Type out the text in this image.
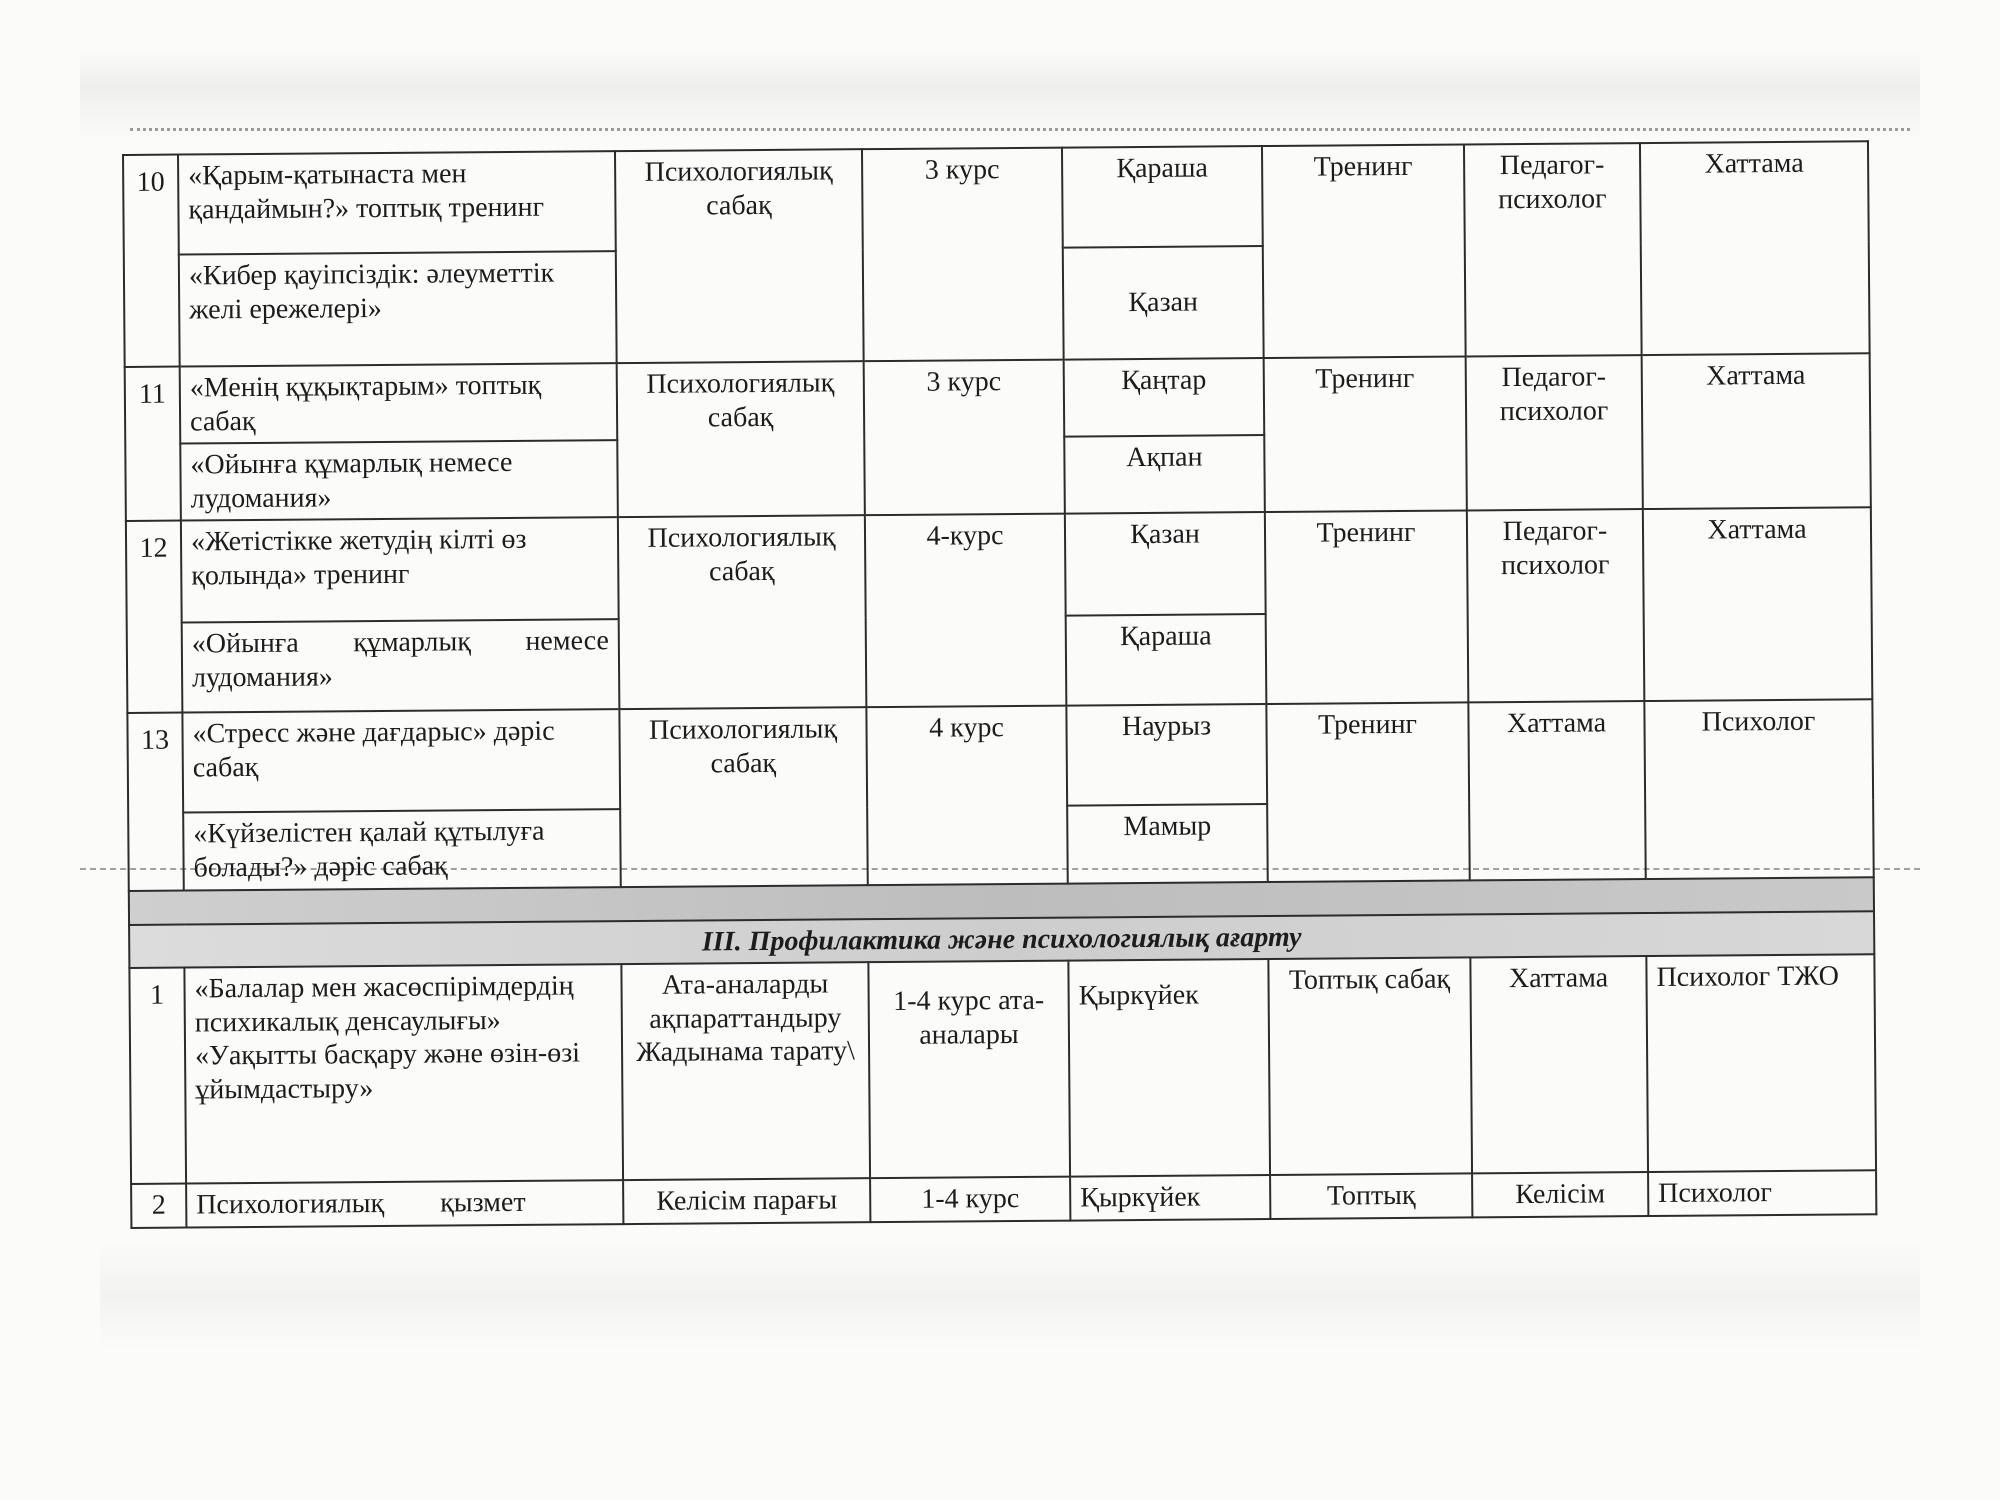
10	«Қарым-қатынаста мен қандаймын?» топтық тренинг	Психологиялық сабақ	3 курс	Қараша	Тренинг	Педагог-психолог	Хаттама
	«Кибер қауіпсіздік: әлеуметтік желі ережелері»			Қазан			
11	«Менің құқықтарым» топтық сабақ	Психологиялық сабақ	3 курс	Қаңтар	Тренинг	Педагог-психолог	Хаттама
	«Ойынға құмарлық немесе лудомания»			Ақпан			
12	«Жетістікке жетудің кілті өз қолында» тренинг	Психологиялық сабақ	4-курс	Қазан	Тренинг	Педагог-психолог	Хаттама
	«Ойынға құмарлық немесе лудомания»			Қараша			
13	«Стресс және дағдарыс» дәріс сабақ	Психологиялық сабақ	4 курс	Наурыз	Тренинг	Хаттама	Психолог
	«Күйзелістен қалай құтылуға болады?» дәріс сабақ			Мамыр			

III. Профилактика және психологиялық ағарту							
1	«Балалар мен жасөспірімдердің психикалық денсаулығы» «Уақытты басқару және өзін-өзі ұйымдастыру»	Ата-аналарды ақпараттандыру Жадынама тарату\	1-4 курс ата-аналары	Қыркүйек	Топтық сабақ	Хаттама	Психолог ТЖО
2	Психологиялық        қызмет	Келісім парағы	1-4 курс	Қыркүйек	Топтық	Келісім	Психолог
